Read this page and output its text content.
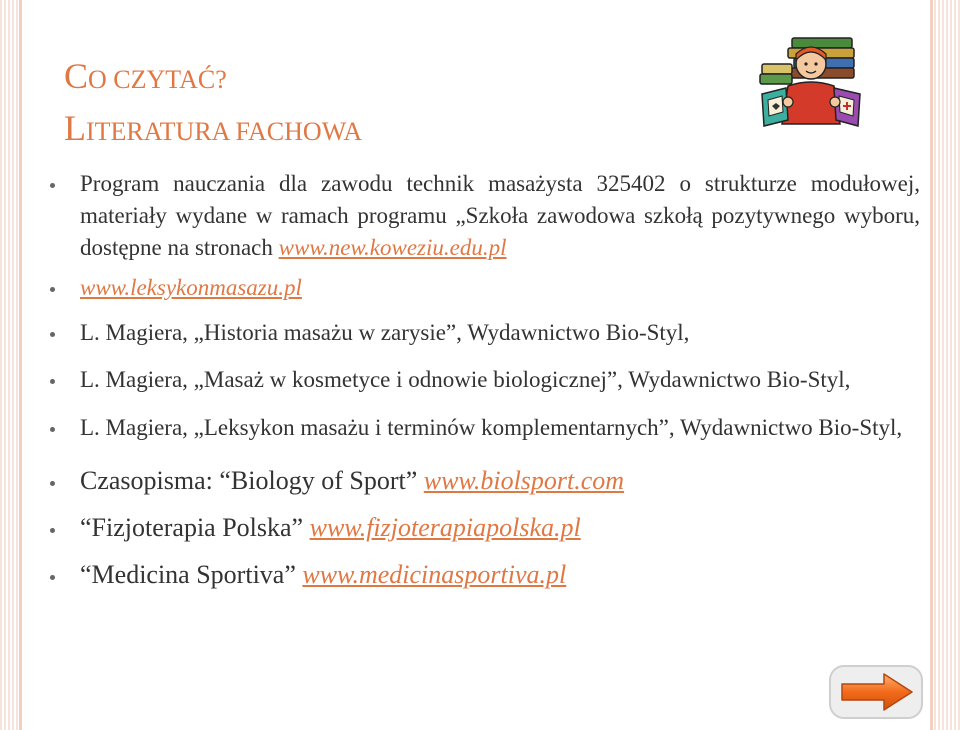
CO CZYTAĆ?
LITERATURA FACHOWA
Program nauczania dla zawodu technik masażysta 325402 o strukturze modułowej, materiały wydane w ramach programu „Szkoła zawodowa szkołą pozytywnego wyboru, dostępne na stronach www.new.koweziu.edu.pl
www.leksykonmasazu.pl
L. Magiera, „Historia masażu w zarysie”, Wydawnictwo Bio-Styl,
L. Magiera, „Masaż w kosmetyce i odnowie biologicznej”, Wydawnictwo Bio-Styl,
L. Magiera, „Leksykon masażu i terminów komplementarnych”, Wydawnictwo Bio-Styl,
Czasopisma: “Biology of Sport” www.biolsport.com
“Fizjoterapia Polska” www.fizjoterapiapolska.pl
“Medicina Sportiva” www.medicinasportiva.pl
